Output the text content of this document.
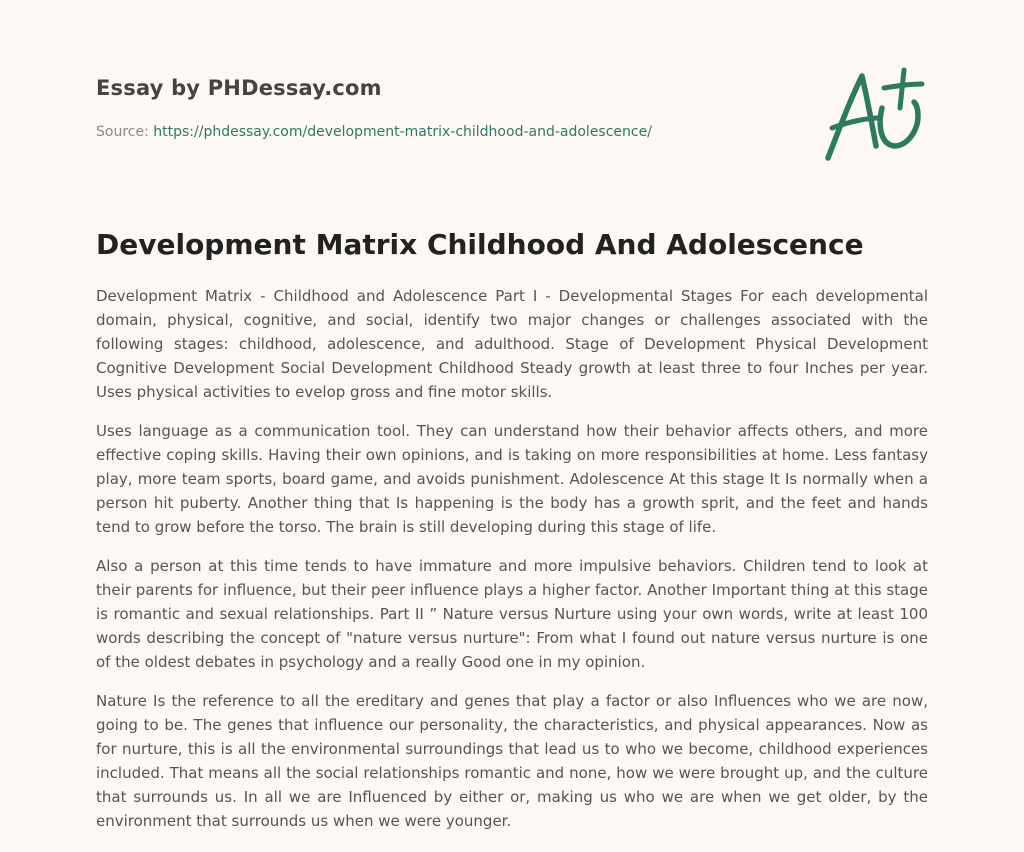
Essay by PHDessay.com
Source: https://phdessay.com/development-matrix-childhood-and-adolescence/
Development Matrix Childhood And Adolescence

Development Matrix - Childhood and Adolescence Part I - Developmental Stages For each developmental domain, physical, cognitive, and social, identify two major changes or challenges associated with the following stages: childhood, adolescence, and adulthood. Stage of Development Physical Development Cognitive Development Social Development Childhood Steady growth at least three to four Inches per year. Uses physical activities to evelop gross and fine motor skills.

Uses language as a communication tool. They can understand how their behavior affects others, and more effective coping skills. Having their own opinions, and is taking on more responsibilities at home. Less fantasy play, more team sports, board game, and avoids punishment. Adolescence At this stage It Is normally when a person hit puberty. Another thing that Is happening is the body has a growth sprit, and the feet and hands tend to grow before the torso. The brain is still developing during this stage of life.

Also a person at this time tends to have immature and more impulsive behaviors. Children tend to look at their parents for influence, but their peer influence plays a higher factor. Another Important thing at this stage is romantic and sexual relationships. Part II ” Nature versus Nurture using your own words, write at least 100 words describing the concept of "nature versus nurture": From what I found out nature versus nurture is one of the oldest debates in psychology and a really Good one in my opinion.

Nature Is the reference to all the ereditary and genes that play a factor or also Influences who we are now, going to be. The genes that influence our personality, the characteristics, and physical appearances. Now as for nurture, this is all the environmental surroundings that lead us to who we become, childhood experiences included. That means all the social relationships romantic and none, how we were brought up, and the culture that surrounds us. In all we are Influenced by either or, making us who we are when we get older, by the environment that surrounds us when we were younger.
